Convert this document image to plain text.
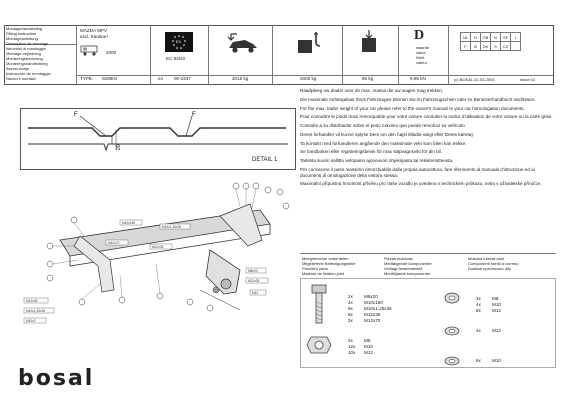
Montagehandleiding
Fitting instruction
Montageanleitung
Description de montage
Istruzioni di montaggio
Montage-vejledning
Monteringsanvisning
Monteringshandledning
Asennusohje
Instrucción de montaggio
Návod k montáži
MAZDA MPV
excl. Karakuri
2000
TYPE: 028801
E4
EC 94/20
e4 00-2237	2015 kg	2000 kg	85 kg
D
waarde
value
Wert
valeur
9,85 kN
NL	D	GB	N	SF	I
F	B	DK	S	CZ	
(c) BOSAL 22-03-2004	Issue:02
F	F
20
DETAIL 1

Raadpleeg uw dealer voor de max. massa die uw wagen mag trekken.

Die maximale Anhängelast Ihres Fahrzeuges können Sie im Fahrzeugschein oder im Benutzerhandbuch nachlesen.

For the max. trailer weight of your car please refer to the owner's manual or your car homologation documents.

Pour connaître le poids maxi remorquable pour votre voiture consulter la notice d'utilisation de votre voiture ou la carte grise.

Consulte a su distribuidor sobre el peso máximo que puede remolcar su vehículo.

Deres forhandler vil kunne oplyse Dem om den højst tilladte vægt efter Deres køretøj.

Ta kontakt med forhandleren angående den maksimale vekt som bilen kan trekke.

Se handboken eller registeringsbevis för max släpvagnsvikt för din bil.

Tarkista suurin sallittu vetopaino ajoneuvon ohjekirjasta tai rekisteriotteesta.

Per conoscere il peso massimo rimorchiabile dalla propria autovettura, fare riferimento al manuale d'istruzione ed ai documenti di omologazione della vettura stessa.

Maximální přípustná hmotnost přívěsu pro Vaše vozidlo je uvedena v technickém průkazu, nebo v uživatelské příručce.

M10x160
M10x1,25x35
M12x70
M12x35
M8x20
M12x35
M12x35
M10x1,25x35
M10x2
M12
Meegeleverde onderdelen
Mitgelieferte Befestigungsteile
Provided parts
Matériel de fixation joint
Piezas incluidas
Medfølgende komponenter
Vedlagt festemateriell
Medföljande komponenter
Mukana tulevat osat
Componenti forniti a corredo
Dodané upevňovací díly
2x	M8x20
4x	M10x160
8x	M10x1,25x35
8x	M12x35
2x	M12x70
2x	M8
12x	M10
10x	M12
2x	M8
4x	M10
8x	M12
4x	M12
8x	M10
bosal
